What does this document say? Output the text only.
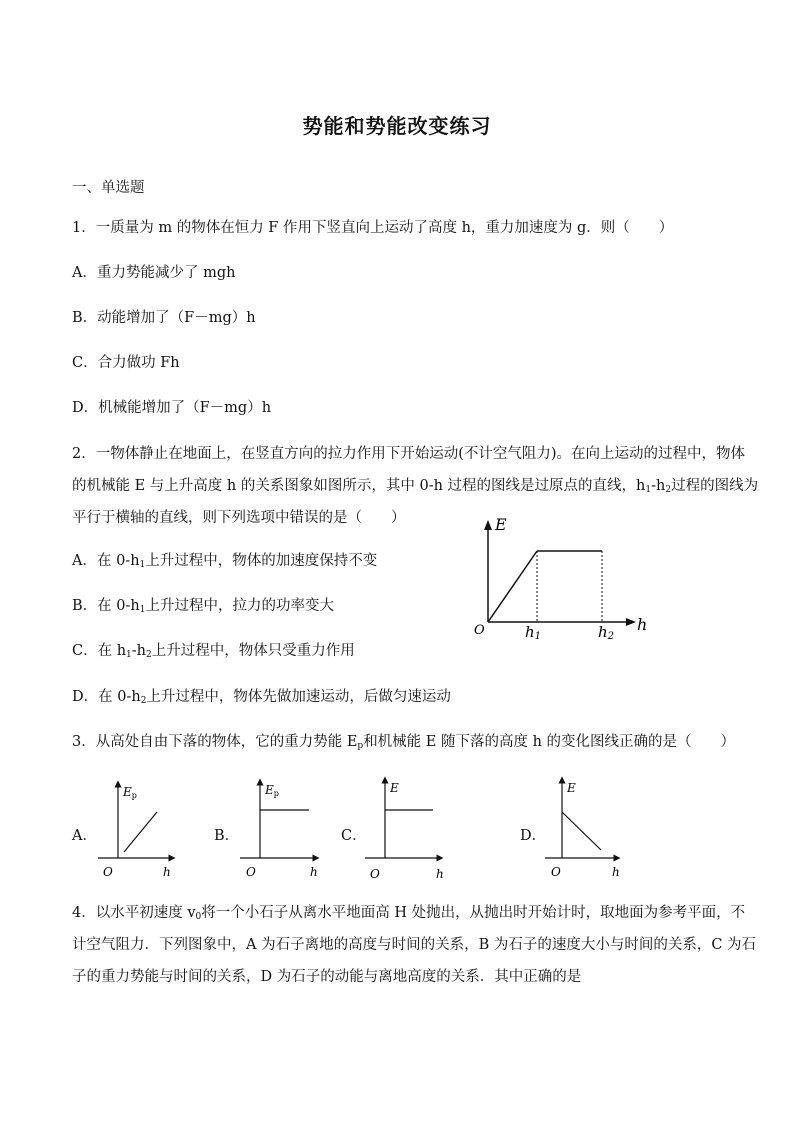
势能和势能改变练习
一、单选题
1．一质量为 m 的物体在恒力 F 作用下竖直向上运动了高度 h，重力加速度为 g．则（　　）
A．重力势能减少了 mgh
B．动能增加了（F－mg）h
C．合力做功 Fh
D．机械能增加了（F－mg）h
2．一物体静止在地面上，在竖直方向的拉力作用下开始运动(不计空气阻力)。在向上运动的过程中，物体
的机械能 E 与上升高度 h 的关系图象如图所示，其中 0-h 过程的图线是过原点的直线，$h_1-h_2$过程的图线为
平行于横轴的直线，则下列选项中错误的是（　　）
A．在 $0-h_1$上升过程中，物体的加速度保持不变
B．在 $0-h_1$上升过程中，拉力的功率变大
C．在 $h_1-h_2$上升过程中，物体只受重力作用
D．在 $0-h_2$上升过程中，物体先做加速运动，后做匀速运动
E
h
O	h1	h2
3．从高处自由下落的物体，它的重力势能 $E_p$和机械能 E 随下落的高度 h 的变化图线正确的是（　　）
A．	B．	C．	D．
Ep
O	h
Ep
O	h
E
O	h
E
O	h
4．以水平初速度 $v_0$将一个小石子从离水平地面高 H 处抛出，从抛出时开始计时，取地面为参考平面，不
计空气阻力．下列图象中，A 为石子离地的高度与时间的关系，B 为石子的速度大小与时间的关系，C 为石
子的重力势能与时间的关系，D 为石子的动能与离地高度的关系．其中正确的是
